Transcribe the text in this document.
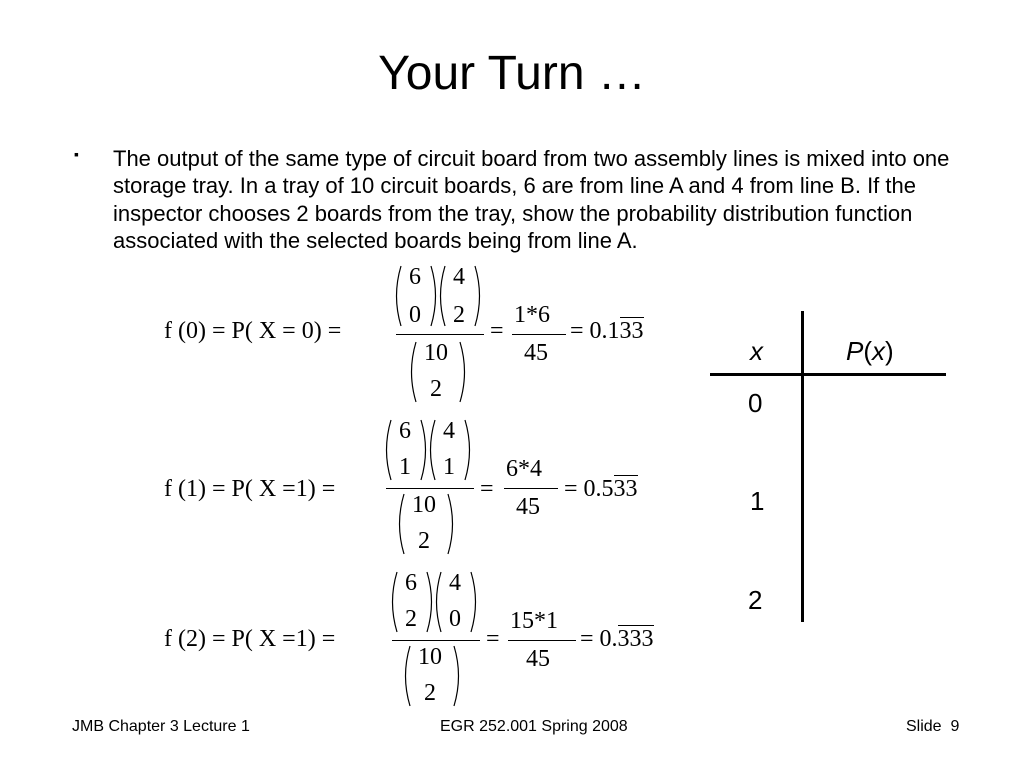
Your Turn …
▪ The output of the same type of circuit board from two assembly lines is mixed into one storage tray. In a tray of 10 circuit boards, 6 are from line A and 4 from line B. If the inspector chooses 2 boards from the tray, show the probability distribution function associated with the selected boards being from line A.
f (0) = P( X = 0) =
6
0
4
2
10
2
=
1*6
45
= 0.133
f (1) = P( X =1) =
6
1
4
1
10
2
=
6*4
45
= 0.533
f (2) = P( X =1) =
6
2
4
0
10
2
=
15*1
45
= 0.333
x	P(x)
0
1
2
JMB Chapter 3 Lecture 1	EGR 252.001 Spring 2008	Slide 9
